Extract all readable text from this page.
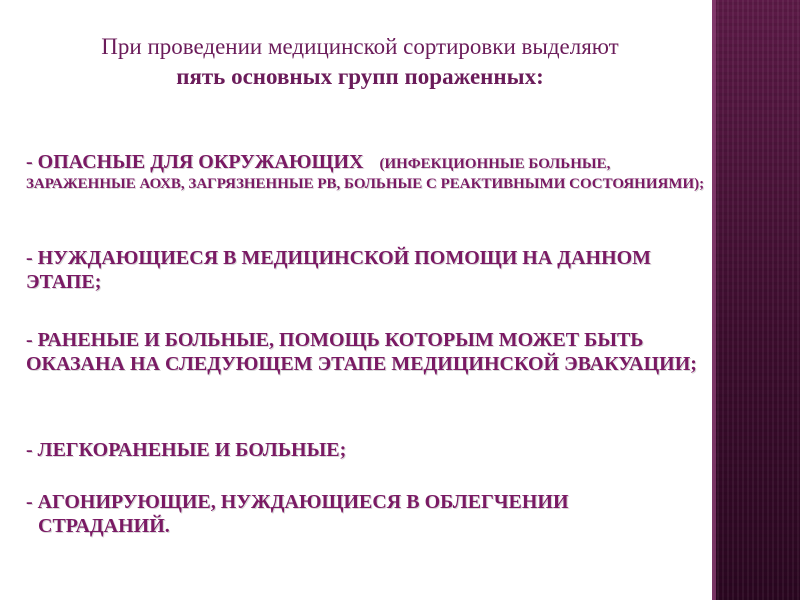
При проведении медицинской сортировки выделяют
пять основных групп пораженных:
- ОПАСНЫЕ ДЛЯ ОКРУЖАЮЩИХ (ИНФЕКЦИОННЫЕ БОЛЬНЫЕ, ЗАРАЖЕННЫЕ АОХВ, ЗАГРЯЗНЕННЫЕ РВ, БОЛЬНЫЕ С РЕАКТИВНЫМИ СОСТОЯНИЯМИ);
- НУЖДАЮЩИЕСЯ В МЕДИЦИНСКОЙ ПОМОЩИ НА ДАННОМ ЭТАПЕ;
- РАНЕНЫЕ И БОЛЬНЫЕ, ПОМОЩЬ КОТОРЫМ МОЖЕТ БЫТЬ ОКАЗАНА НА СЛЕДУЮЩЕМ ЭТАПЕ МЕДИЦИНСКОЙ ЭВАКУАЦИИ;
- ЛЕГКОРАНЕНЫЕ И БОЛЬНЫЕ;
- АГОНИРУЮЩИЕ, НУЖДАЮЩИЕСЯ В ОБЛЕГЧЕНИИ
СТРАДАНИЙ.
